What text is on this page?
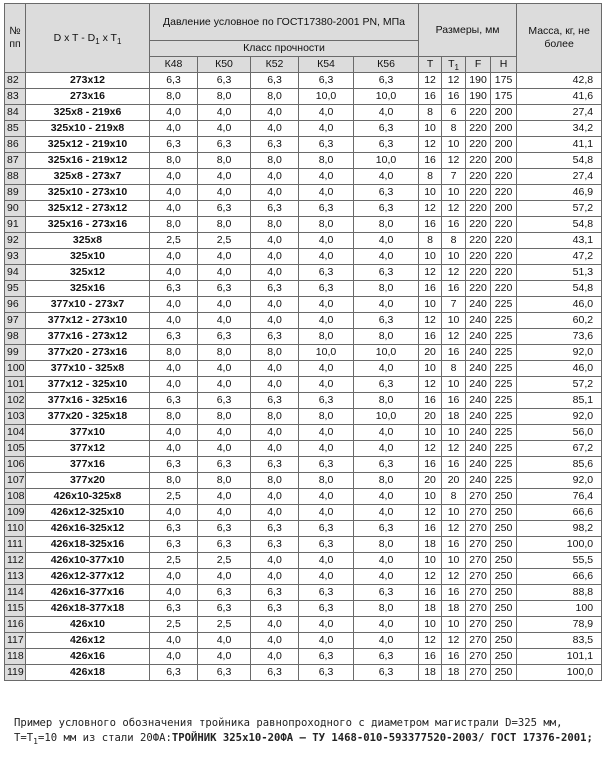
№ пп	D x T - $D_1$ x $T_1$	Давление условное по ГОСТ17380-2001 PN, МПа					Размеры, мм				Масса, кг, не более
		Класс прочности									
		К48	К50	К52	К54	К56	T	$T_1$	F	H	
82	273x12	6,3	6,3	6,3	6,3	6,3	12	12	190	175	42,8
83	273x16	8,0	8,0	8,0	10,0	10,0	16	16	190	175	41,6
84	325x8 - 219x6	4,0	4,0	4,0	4,0	4,0	8	6	220	200	27,4
85	325x10 - 219x8	4,0	4,0	4,0	4,0	6,3	10	8	220	200	34,2
86	325x12 - 219x10	6,3	6,3	6,3	6,3	6,3	12	10	220	200	41,1
87	325x16 - 219x12	8,0	8,0	8,0	8,0	10,0	16	12	220	200	54,8
88	325x8 - 273x7	4,0	4,0	4,0	4,0	4,0	8	7	220	220	27,4
89	325x10 - 273x10	4,0	4,0	4,0	4,0	6,3	10	10	220	220	46,9
90	325x12 - 273x12	4,0	6,3	6,3	6,3	6,3	12	12	220	200	57,2
91	325x16 - 273x16	8,0	8,0	8,0	8,0	8,0	16	16	220	220	54,8
92	325x8	2,5	2,5	4,0	4,0	4,0	8	8	220	220	43,1
93	325x10	4,0	4,0	4,0	4,0	4,0	10	10	220	220	47,2
94	325x12	4,0	4,0	4,0	6,3	6,3	12	12	220	220	51,3
95	325x16	6,3	6,3	6,3	6,3	8,0	16	16	220	220	54,8
96	377x10 - 273x7	4,0	4,0	4,0	4,0	4,0	10	7	240	225	46,0
97	377x12 - 273x10	4,0	4,0	4,0	4,0	6,3	12	10	240	225	60,2
98	377x16 - 273x12	6,3	6,3	6,3	8,0	8,0	16	12	240	225	73,6
99	377x20 - 273x16	8,0	8,0	8,0	10,0	10,0	20	16	240	225	92,0
100	377x10 - 325x8	4,0	4,0	4,0	4,0	4,0	10	8	240	225	46,0
101	377x12 - 325x10	4,0	4,0	4,0	4,0	6,3	12	10	240	225	57,2
102	377x16 - 325x16	6,3	6,3	6,3	6,3	8,0	16	16	240	225	85,1
103	377x20 - 325x18	8,0	8,0	8,0	8,0	10,0	20	18	240	225	92,0
104	377x10	4,0	4,0	4,0	4,0	4,0	10	10	240	225	56,0
105	377x12	4,0	4,0	4,0	4,0	4,0	12	12	240	225	67,2
106	377x16	6,3	6,3	6,3	6,3	6,3	16	16	240	225	85,6
107	377x20	8,0	8,0	8,0	8,0	8,0	20	20	240	225	92,0
108	426x10-325x8	2,5	4,0	4,0	4,0	4,0	10	8	270	250	76,4
109	426x12-325x10	4,0	4,0	4,0	4,0	4,0	12	10	270	250	66,6
110	426x16-325x12	6,3	6,3	6,3	6,3	6,3	16	12	270	250	98,2
111	426x18-325x16	6,3	6,3	6,3	6,3	8,0	18	16	270	250	100,0
112	426x10-377x10	2,5	2,5	4,0	4,0	4,0	10	10	270	250	55,5
113	426x12-377x12	4,0	4,0	4,0	4,0	4,0	12	12	270	250	66,6
114	426x16-377x16	4,0	6,3	6,3	6,3	6,3	16	16	270	250	88,8
115	426x18-377x18	6,3	6,3	6,3	6,3	8,0	18	18	270	250	100
116	426x10	2,5	2,5	4,0	4,0	4,0	10	10	270	250	78,9
117	426x12	4,0	4,0	4,0	4,0	4,0	12	12	270	250	83,5
118	426x16	4,0	4,0	4,0	6,3	6,3	16	16	270	250	101,1
119	426x18	6,3	6,3	6,3	6,3	6,3	18	18	270	250	100,0
Пример условного обозначения тройника равнопроходного с диаметром магистрали D=325 мм, $T=T_1=10$ мм из стали 20ФА:ТРОЙНИК 325x10-20ФА – ТУ 1468-010-593377520-2003/ ГОСТ 17376-2001;
